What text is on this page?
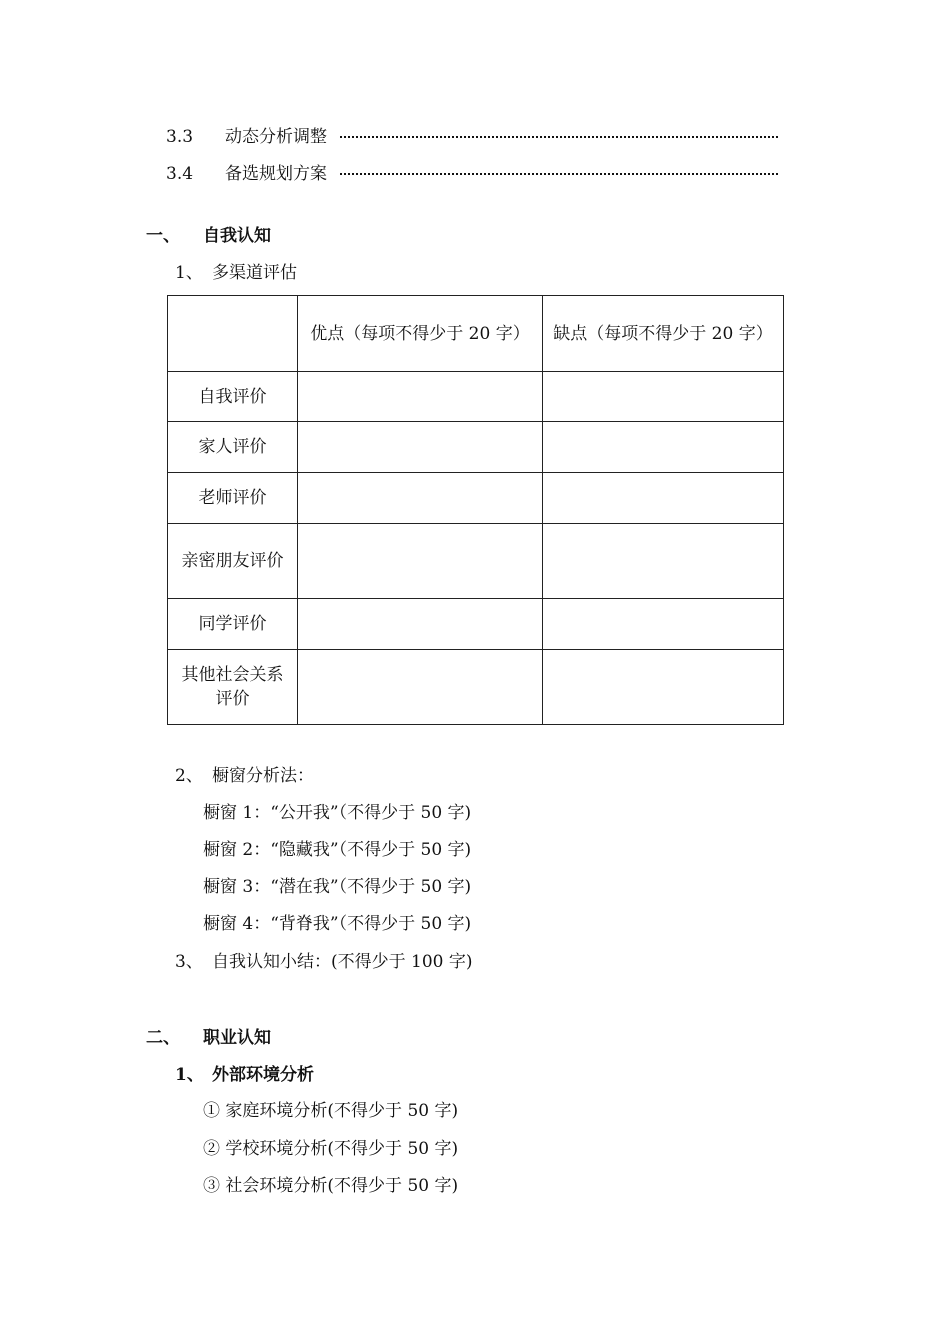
3.3 动态分析调整
3.4 备选规划方案
一、 自我认知
1、 多渠道评估
	优点（每项不得少于 20 字）	缺点（每项不得少于 20 字）
自我评价		
家人评价		
老师评价		
亲密朋友评价		
同学评价		
其他社会关系评价		
2、 橱窗分析法：
橱窗 1：“公开我”（不得少于 50 字)
橱窗 2：“隐藏我”（不得少于 50 字)
橱窗 3：“潜在我”（不得少于 50 字)
橱窗 4：“背脊我”（不得少于 50 字)
3、 自我认知小结：(不得少于 100 字)
二、 职业认知
1、 外部环境分析
① 家庭环境分析(不得少于 50 字)
② 学校环境分析(不得少于 50 字)
③ 社会环境分析(不得少于 50 字)
